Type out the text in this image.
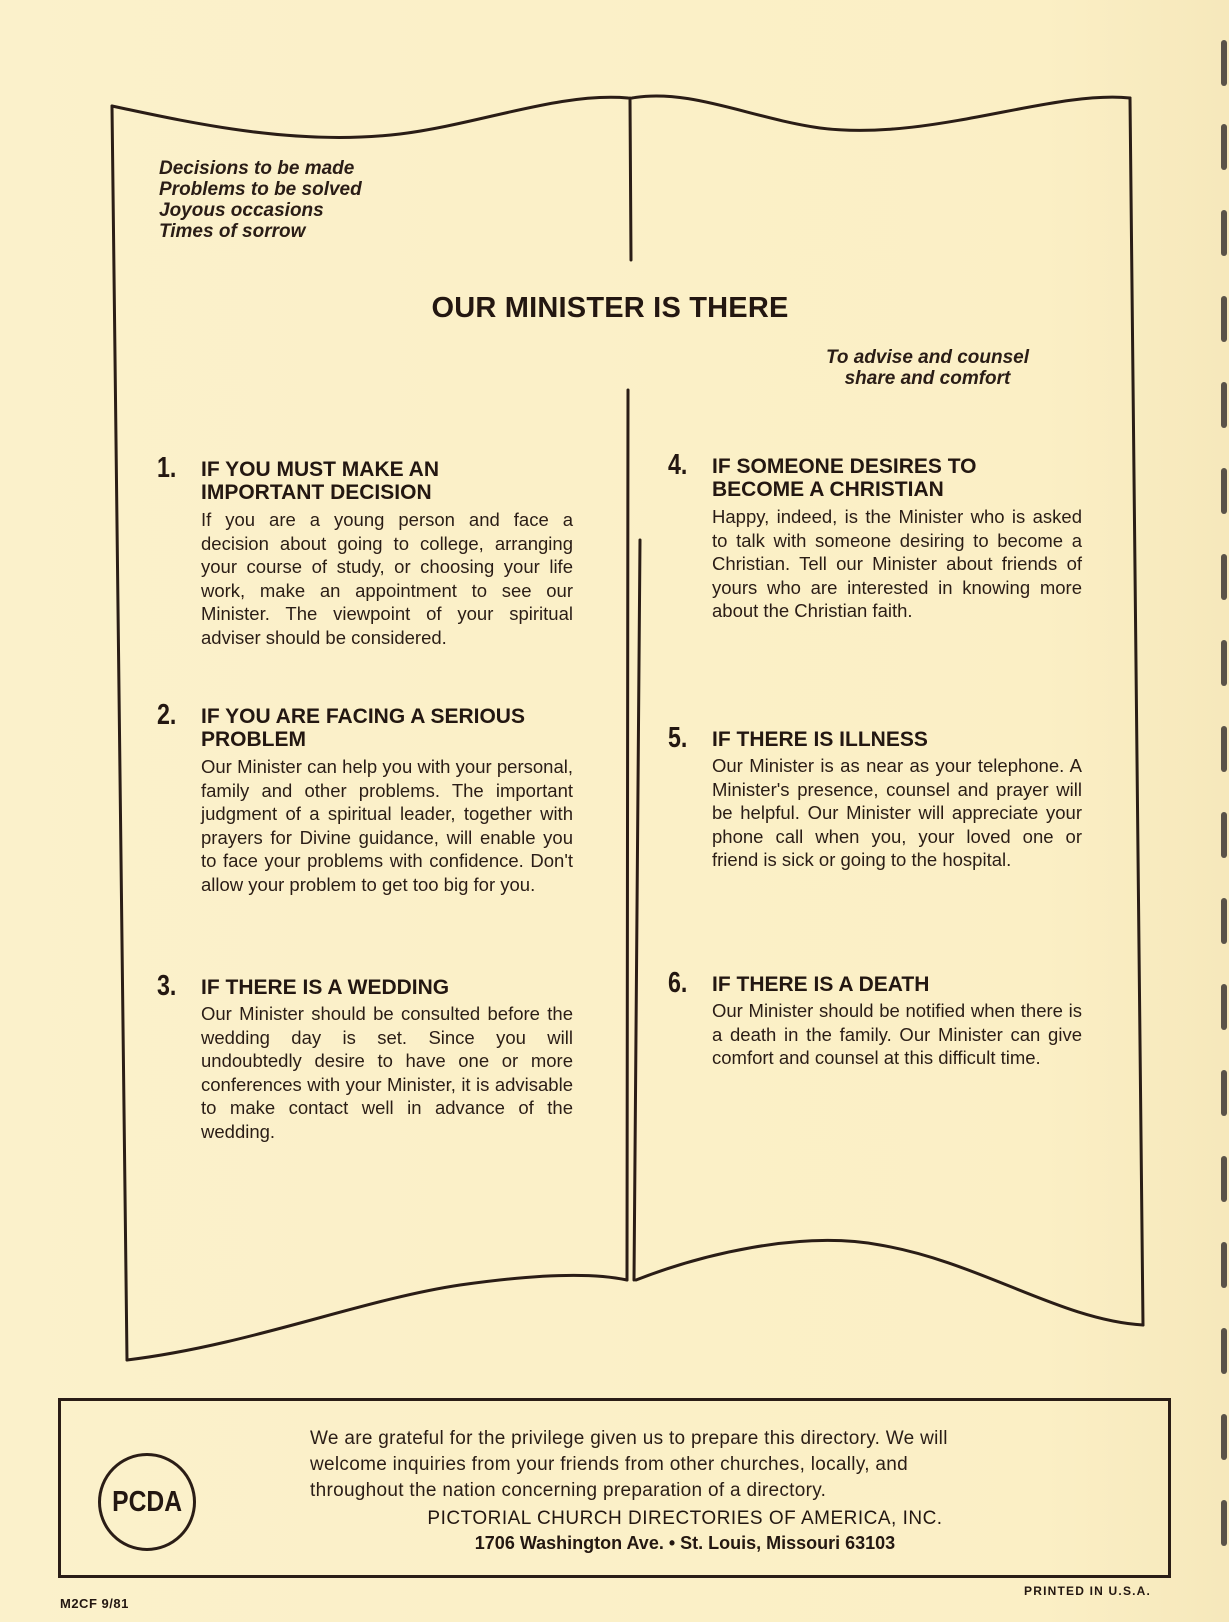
Decisions to be made
Problems to be solved
Joyous occasions
Times of sorrow
OUR MINISTER IS THERE
To advise and counsel
share and comfort
1. IF YOU MUST MAKE AN
IMPORTANT DECISION
If you are a young person and face a decision about going to college, arranging your course of study, or choosing your life work, make an appointment to see our Minister. The viewpoint of your spiritual adviser should be considered.
2. IF YOU ARE FACING A SERIOUS
PROBLEM
Our Minister can help you with your personal, family and other problems. The important judgment of a spiritual leader, together with prayers for Divine guidance, will enable you to face your problems with confidence. Don't allow your problem to get too big for you.
3. IF THERE IS A WEDDING
Our Minister should be consulted before the wedding day is set. Since you will undoubtedly desire to have one or more conferences with your Minister, it is advisable to make contact well in advance of the wedding.
4. IF SOMEONE DESIRES TO
BECOME A CHRISTIAN
Happy, indeed, is the Minister who is asked to talk with someone desiring to become a Christian. Tell our Minister about friends of yours who are interested in knowing more about the Christian faith.
5. IF THERE IS ILLNESS
Our Minister is as near as your telephone. A Minister's presence, counsel and prayer will be helpful. Our Minister will appreciate your phone call when you, your loved one or friend is sick or going to the hospital.
6. IF THERE IS A DEATH
Our Minister should be notified when there is a death in the family. Our Minister can give comfort and counsel at this difficult time.
PCDA
We are grateful for the privilege given us to prepare this directory. We will
welcome inquiries from your friends from other churches, locally, and
throughout the nation concerning preparation of a directory.
PICTORIAL CHURCH DIRECTORIES OF AMERICA, INC.
1706 Washington Ave. • St. Louis, Missouri 63103
M2CF 9/81
PRINTED IN U.S.A.
